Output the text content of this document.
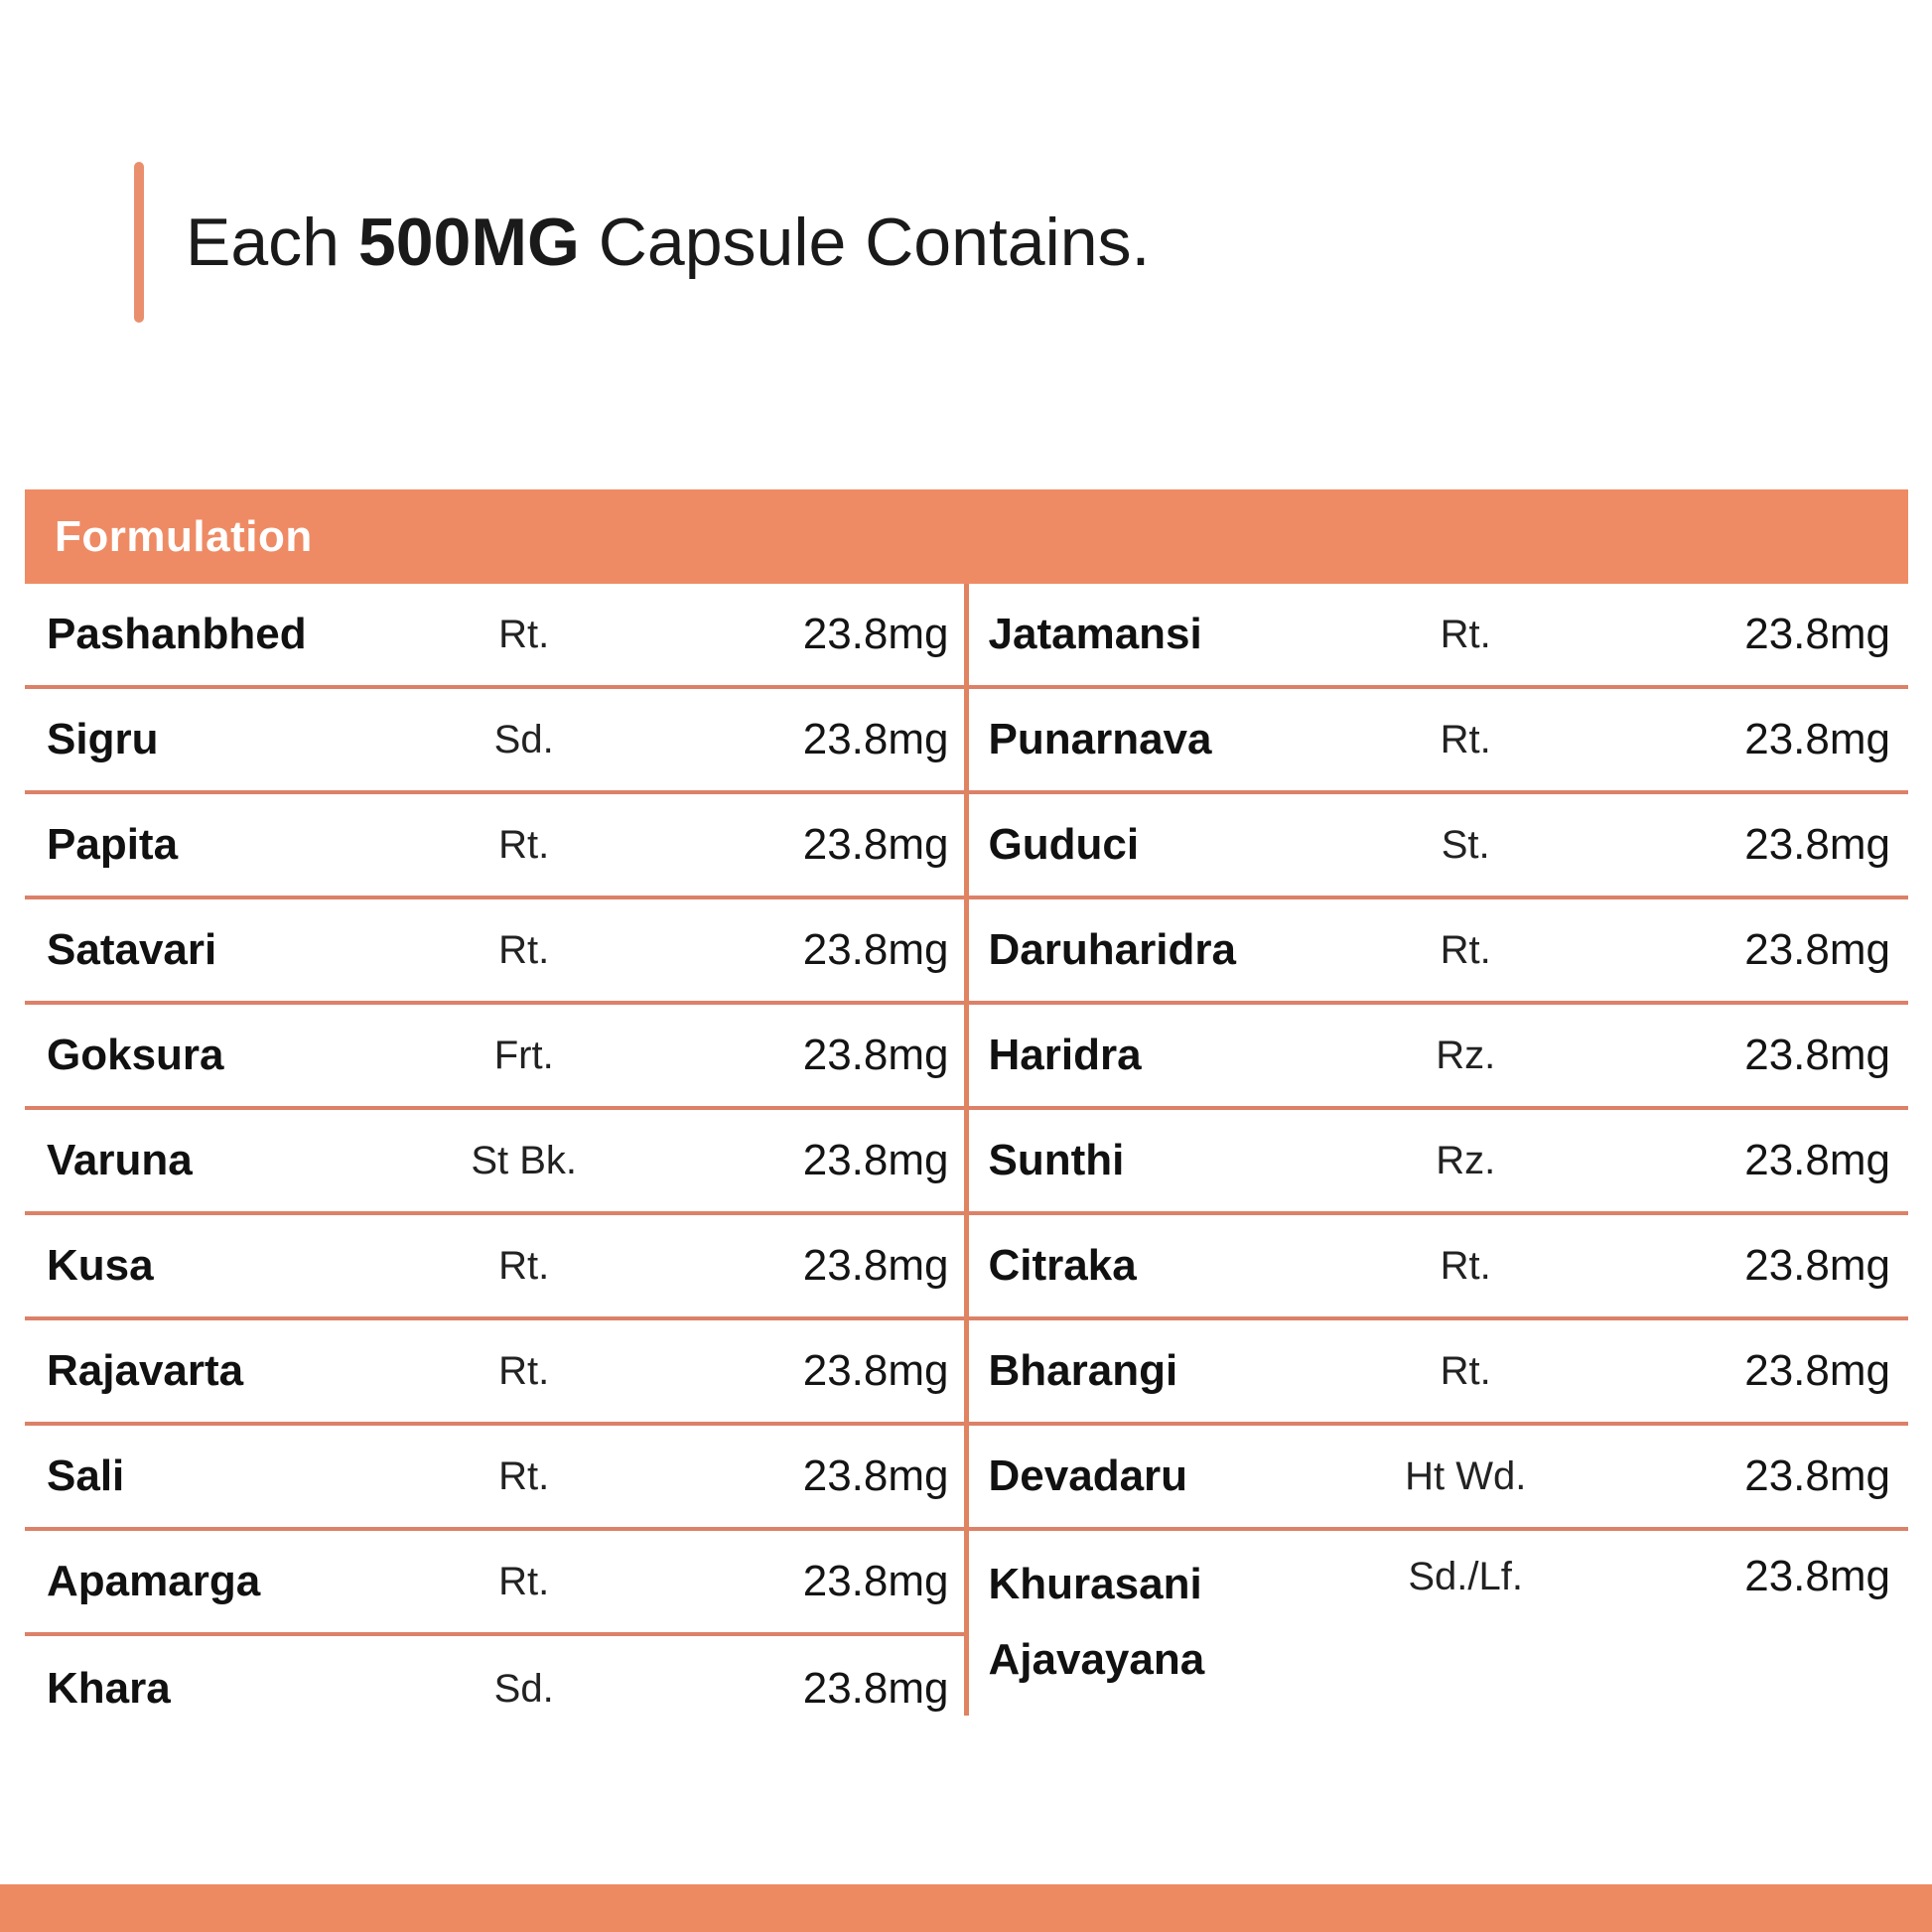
Each 500MG Capsule Contains.
Formulation
Pashanbhed	Rt.	23.8mg
Sigru	Sd.	23.8mg
Papita	Rt.	23.8mg
Satavari	Rt.	23.8mg
Goksura	Frt.	23.8mg
Varuna	St Bk.	23.8mg
Kusa	Rt.	23.8mg
Rajavarta	Rt.	23.8mg
Sali	Rt.	23.8mg
Apamarga	Rt.	23.8mg
Khara	Sd.	23.8mg
Jatamansi	Rt.	23.8mg
Punarnava	Rt.	23.8mg
Guduci	St.	23.8mg
Daruharidra	Rt.	23.8mg
Haridra	Rz.	23.8mg
Sunthi	Rz.	23.8mg
Citraka	Rt.	23.8mg
Bharangi	Rt.	23.8mg
Devadaru	Ht Wd.	23.8mg
Khurasani Ajavayana
Sd./Lf.	23.8mg
